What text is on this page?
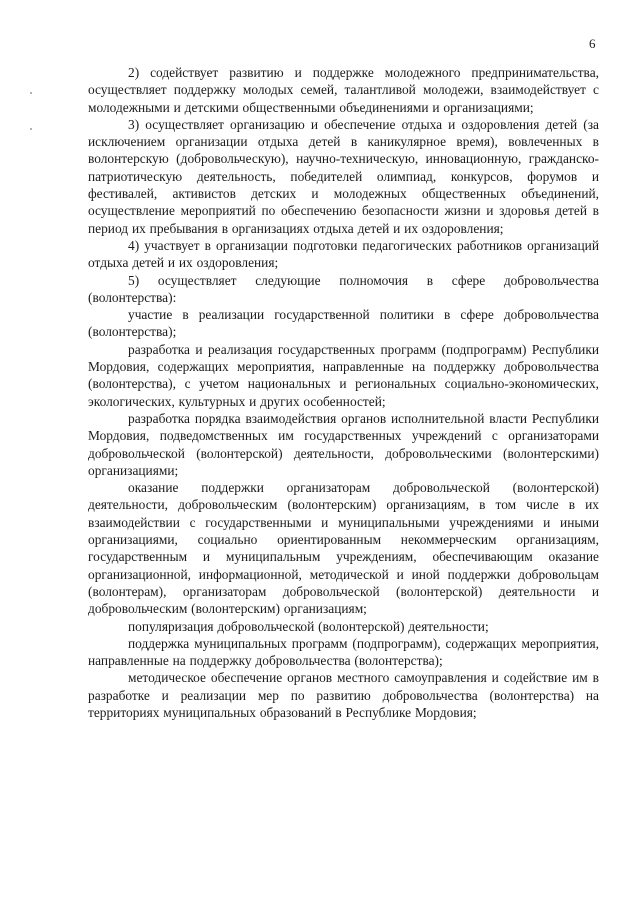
6

2) содействует развитию и поддержке молодежного предпринимательства, осуществляет поддержку молодых семей, талантливой молодежи, взаимодействует с молодежными и детскими общественными объединениями и организациями;

3) осуществляет организацию и обеспечение отдыха и оздоровления детей (за исключением организации отдыха детей в каникулярное время), вовлеченных в волонтерскую (добровольческую), научно-техническую, инновационную, гражданско-патриотическую деятельность, победителей олимпиад, конкурсов, форумов и фестивалей, активистов детских и молодежных общественных объединений, осуществление мероприятий по обеспечению безопасности жизни и здоровья детей в период их пребывания в организациях отдыха детей и их оздоровления;

4) участвует в организации подготовки педагогических работников организаций отдыха детей и их оздоровления;

5) осуществляет следующие полномочия в сфере добровольчества (волонтерства):

участие в реализации государственной политики в сфере добровольчества (волонтерства);

разработка и реализация государственных программ (подпрограмм) Республики Мордовия, содержащих мероприятия, направленные на поддержку добровольчества (волонтерства), с учетом национальных и региональных социально-экономических, экологических, культурных и других особенностей;

разработка порядка взаимодействия органов исполнительной власти Республики Мордовия, подведомственных им государственных учреждений с организаторами добровольческой (волонтерской) деятельности, добровольческими (волонтерскими) организациями;

оказание поддержки организаторам добровольческой (волонтерской) деятельности, добровольческим (волонтерским) организациям, в том числе в их взаимодействии с государственными и муниципальными учреждениями и иными организациями, социально ориентированным некоммерческим организациям, государственным и муниципальным учреждениям, обеспечивающим оказание организационной, информационной, методической и иной поддержки добровольцам (волонтерам), организаторам добровольческой (волонтерской) деятельности и добровольческим (волонтерским) организациям;

популяризация добровольческой (волонтерской) деятельности;

поддержка муниципальных программ (подпрограмм), содержащих мероприятия, направленные на поддержку добровольчества (волонтерства);

методическое обеспечение органов местного самоуправления и содействие им в разработке и реализации мер по развитию добровольчества (волонтерства) на территориях муниципальных образований в Республике Мордовия;
